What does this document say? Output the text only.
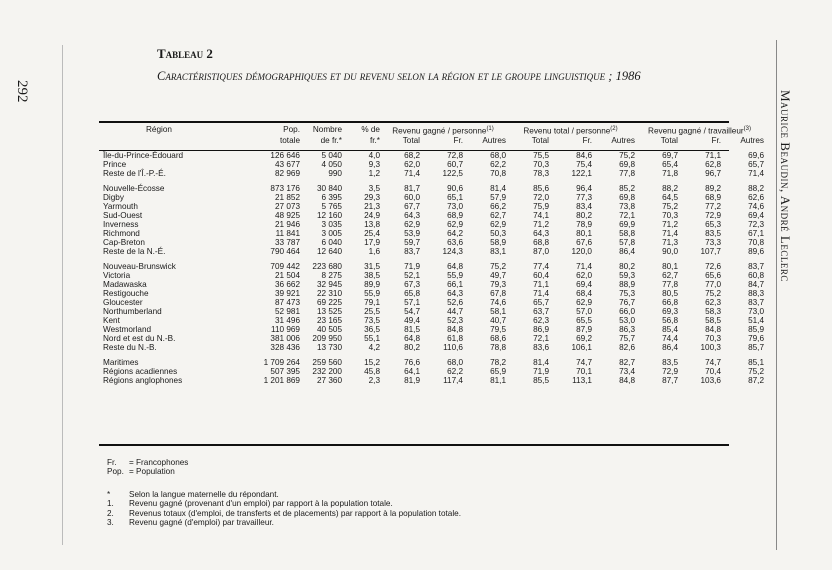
292	Maurice Beaudin, André Leclerc
Tableau 2
Caractéristiques démographiques et du revenu selon la région et le groupe linguistique ; 1986
Région	Pop.	Nombre	% de	Revenu gagné / personne$^{(1)}$			Revenu total / personne$^{(2)}$			Revenu gagné / travailleur$^{(3)}$
	totale	de fr.*	fr.*	Total	Fr.	Autres	Total	Fr.	Autres	Total	Fr.	Autres

Île-du-Prince-Édouard	126 646	5 040	4,0	68,2	72,8	68,0	75,5	84,6	75,2	69,7	71,1	69,6
Prince	43 677	4 050	9,3	62,0	60,7	62,2	70,3	75,4	69,8	65,4	62,8	65,7
Reste de l'Î.-P.-É.	82 969	990	1,2	71,4	122,5	70,8	78,3	122,1	77,8	71,8	96,7	71,4

Nouvelle-Écosse	873 176	30 840	3,5	81,7	90,6	81,4	85,6	96,4	85,2	88,2	89,2	88,2
Digby	21 852	6 395	29,3	60,0	65,1	57,9	72,0	77,3	69,8	64,5	68,9	62,6
Yarmouth	27 073	5 765	21,3	67,7	73,0	66,2	75,9	83,4	73,8	75,2	77,2	74,6
Sud-Ouest	48 925	12 160	24,9	64,3	68,9	62,7	74,1	80,2	72,1	70,3	72,9	69,4
Inverness	21 946	3 035	13,8	62,9	62,9	62,9	71,2	78,9	69,9	71,2	65,3	72,3
Richmond	11 841	3 005	25,4	53,9	64,2	50,3	64,3	80,1	58,8	71,4	83,5	67,1
Cap-Breton	33 787	6 040	17,9	59,7	63,6	58,9	68,8	67,6	57,8	71,3	73,3	70,8
Reste de la N.-É.	790 464	12 640	1,6	83,7	124,3	83,1	87,0	120,0	86,4	90,0	107,7	89,6

Nouveau-Brunswick	709 442	223 680	31,5	71,9	64,8	75,2	77,4	71,4	80,2	80,1	72,6	83,7
Victoria	21 504	8 275	38,5	52,1	55,9	49,7	60,4	62,0	59,3	62,7	65,6	60,8
Madawaska	36 662	32 945	89,9	67,3	66,1	79,3	71,1	69,4	88,9	77,8	77,0	84,7
Restigouche	39 921	22 310	55,9	65,8	64,3	67,8	71,4	68,4	75,3	80,5	75,2	88,3
Gloucester	87 473	69 225	79,1	57,1	52,6	74,6	65,7	62,9	76,7	66,8	62,3	83,7
Northumberland	52 981	13 525	25,5	54,7	44,7	58,1	63,7	57,0	66,0	69,3	58,3	73,0
Kent	31 496	23 165	73,5	49,4	52,3	40,7	62,3	65,5	53,0	56,8	58,5	51,4
Westmorland	110 969	40 505	36,5	81,5	84,8	79,5	86,9	87,9	86,3	85,4	84,8	85,9
Nord et est du N.-B.	381 006	209 950	55,1	64,8	61,8	68,6	72,1	69,2	75,7	74,4	70,3	79,6
Reste du N.-B.	328 436	13 730	4,2	80,2	110,6	78,8	83,6	106,1	82,6	86,4	100,3	85,7

Maritimes	1 709 264	259 560	15,2	76,6	68,0	78,2	81,4	74,7	82,7	83,5	74,7	85,1
Régions acadiennes	507 395	232 200	45,8	64,1	62,2	65,9	71,9	70,1	73,4	72,9	70,4	75,2
Régions anglophones	1 201 869	27 360	2,3	81,9	117,4	81,1	85,5	113,1	84,8	87,7	103,6	87,2
Fr.	= Francophones
Pop. = Population
*	Selon la langue maternelle du répondant.
1.	Revenu gagné (provenant d'un emploi) par rapport à la population totale.
2.	Revenus totaux (d'emploi, de transferts et de placements) par rapport à la population totale.
3.	Revenu gagné (d'emploi) par travailleur.
